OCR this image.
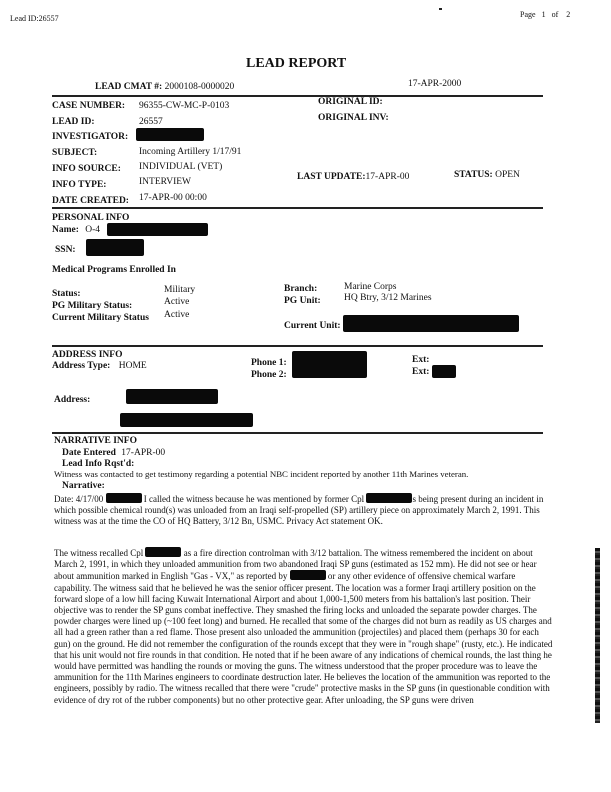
Lead ID:26557	Page 1 of 2
LEAD REPORT
LEAD CMAT #: 2000108-0000020	17-APR-2000
CASE NUMBER: 96355-CW-MC-P-0103
LEAD ID:	26557
INVESTIGATOR:
SUBJECT:	Incoming Artillery 1/17/91
INFO SOURCE: INDIVIDUAL (VET)
INFO TYPE:	INTERVIEW
DATE CREATED: 17-APR-00 00:00
ORIGINAL ID:
ORIGINAL INV:
LAST UPDATE:17-APR-00	STATUS: OPEN
PERSONAL INFO
Name: O-4
SSN:
Medical Programs Enrolled In
Status:	Military
PG Military Status:	Active
Current Military Status Active
Branch:	Marine Corps
PG Unit: HQ Btry, 3/12 Marines
Current Unit:
ADDRESS INFO
Address Type: HOME	Phone 1:
Phone 2:
Ext:
Ext:
Address:
NARRATIVE INFO
Date Entered 17-APR-00
Lead Info Rqst'd:
Witness was contacted to get testimony regarding a potential NBC incident reported by another 11th Marines veteran.
Narrative:
Date: 4/17/00	I called the witness because he was mentioned by former Cpl	s being present during an incident in which possible chemical round(s) was unloaded from an Iraqi self-propelled (SP) artillery piece on approximately March 2, 1991. This witness was at the time the CO of HQ Battery, 3/12 Bn, USMC. Privacy Act statement OK.
The witness recalled Cpl	as a fire direction controlman with 3/12 battalion. The witness remembered the incident on about March 2, 1991, in which they unloaded ammunition from two abandoned Iraqi SP guns (estimated as 152 mm). He did not see or hear about ammunition marked in English "Gas - VX," as reported by	or any other evidence of offensive chemical warfare capability. The witness said that he believed he was the senior officer present. The location was a former Iraqi artillery position on the forward slope of a low hill facing Kuwait International Airport and about 1,000-1,500 meters from his battalion's last position. Their objective was to render the SP guns combat ineffective. They smashed the firing locks and unloaded the separate powder charges. The powder charges were lined up (~100 feet long) and burned. He recalled that some of the charges did not burn as readily as US charges and all had a green rather than a red flame. Those present also unloaded the ammunition (projectiles) and placed them (perhaps 30 for each gun) on the ground. He did not remember the configuration of the rounds except that they were in "rough shape" (rusty, etc.). He indicated that his unit would not fire rounds in that condition. He noted that if he been aware of any indications of chemical rounds, the last thing he would have permitted was handling the rounds or moving the guns. The witness understood that the proper procedure was to leave the ammunition for the 11th Marines engineers to coordinate destruction later. He believes the location of the ammunition was reported to the engineers, possibly by radio. The witness recalled that there were "crude" protective masks in the SP guns (in questionable condition with evidence of dry rot of the rubber components) but no other protective gear. After unloading, the SP guns were driven
